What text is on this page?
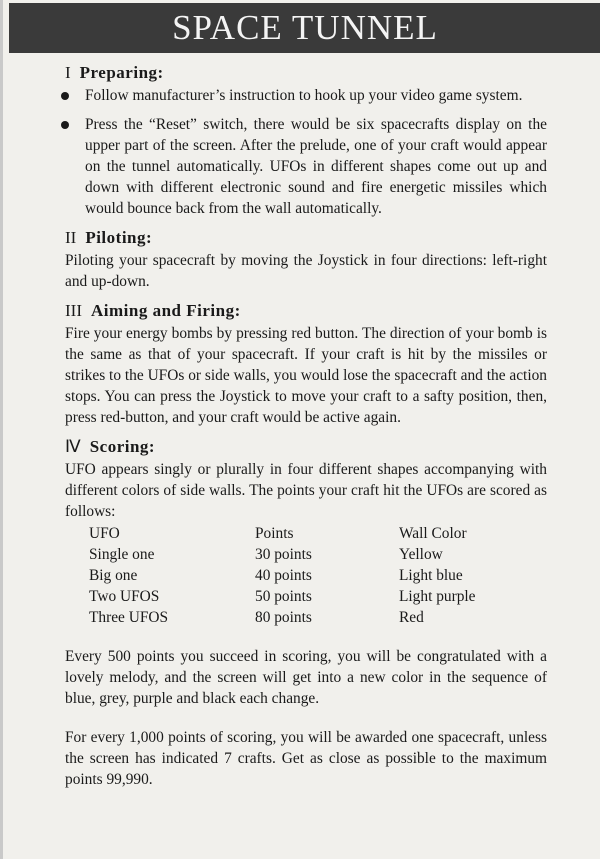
SPACE TUNNEL
I Preparing:
Follow manufacturer’s instruction to hook up your video game system.
Press the “Reset” switch, there would be six spacecrafts display on the upper part of the screen. After the prelude, one of your craft would appear on the tunnel automatically. UFOs in different shapes come out up and down with different electronic sound and fire energetic missiles which would bounce back from the wall automatically.
II Piloting:
Piloting your spacecraft by moving the Joystick in four directions: left-right and up-down.
III Aiming and Firing:
Fire your energy bombs by pressing red button. The direction of your bomb is the same as that of your spacecraft. If your craft is hit by the missiles or strikes to the UFOs or side walls, you would lose the spacecraft and the action stops. You can press the Joystick to move your craft to a safty position, then, press red-button, and your craft would be active again.
Ⅳ Scoring:
UFO appears singly or plurally in four different shapes accompanying with different colors of side walls. The points your craft hit the UFOs are scored as follows:
UFO	Points	Wall Color
Single one	30 points	Yellow
Big one	40 points	Light blue
Two UFOS	50 points	Light purple
Three UFOS	80 points	Red
Every 500 points you succeed in scoring, you will be congratulated with a lovely melody, and the screen will get into a new color in the sequence of blue, grey, purple and black each change.
For every 1,000 points of scoring, you will be awarded one spacecraft, unless the screen has indicated 7 crafts. Get as close as possible to the maximum points 99,990.
